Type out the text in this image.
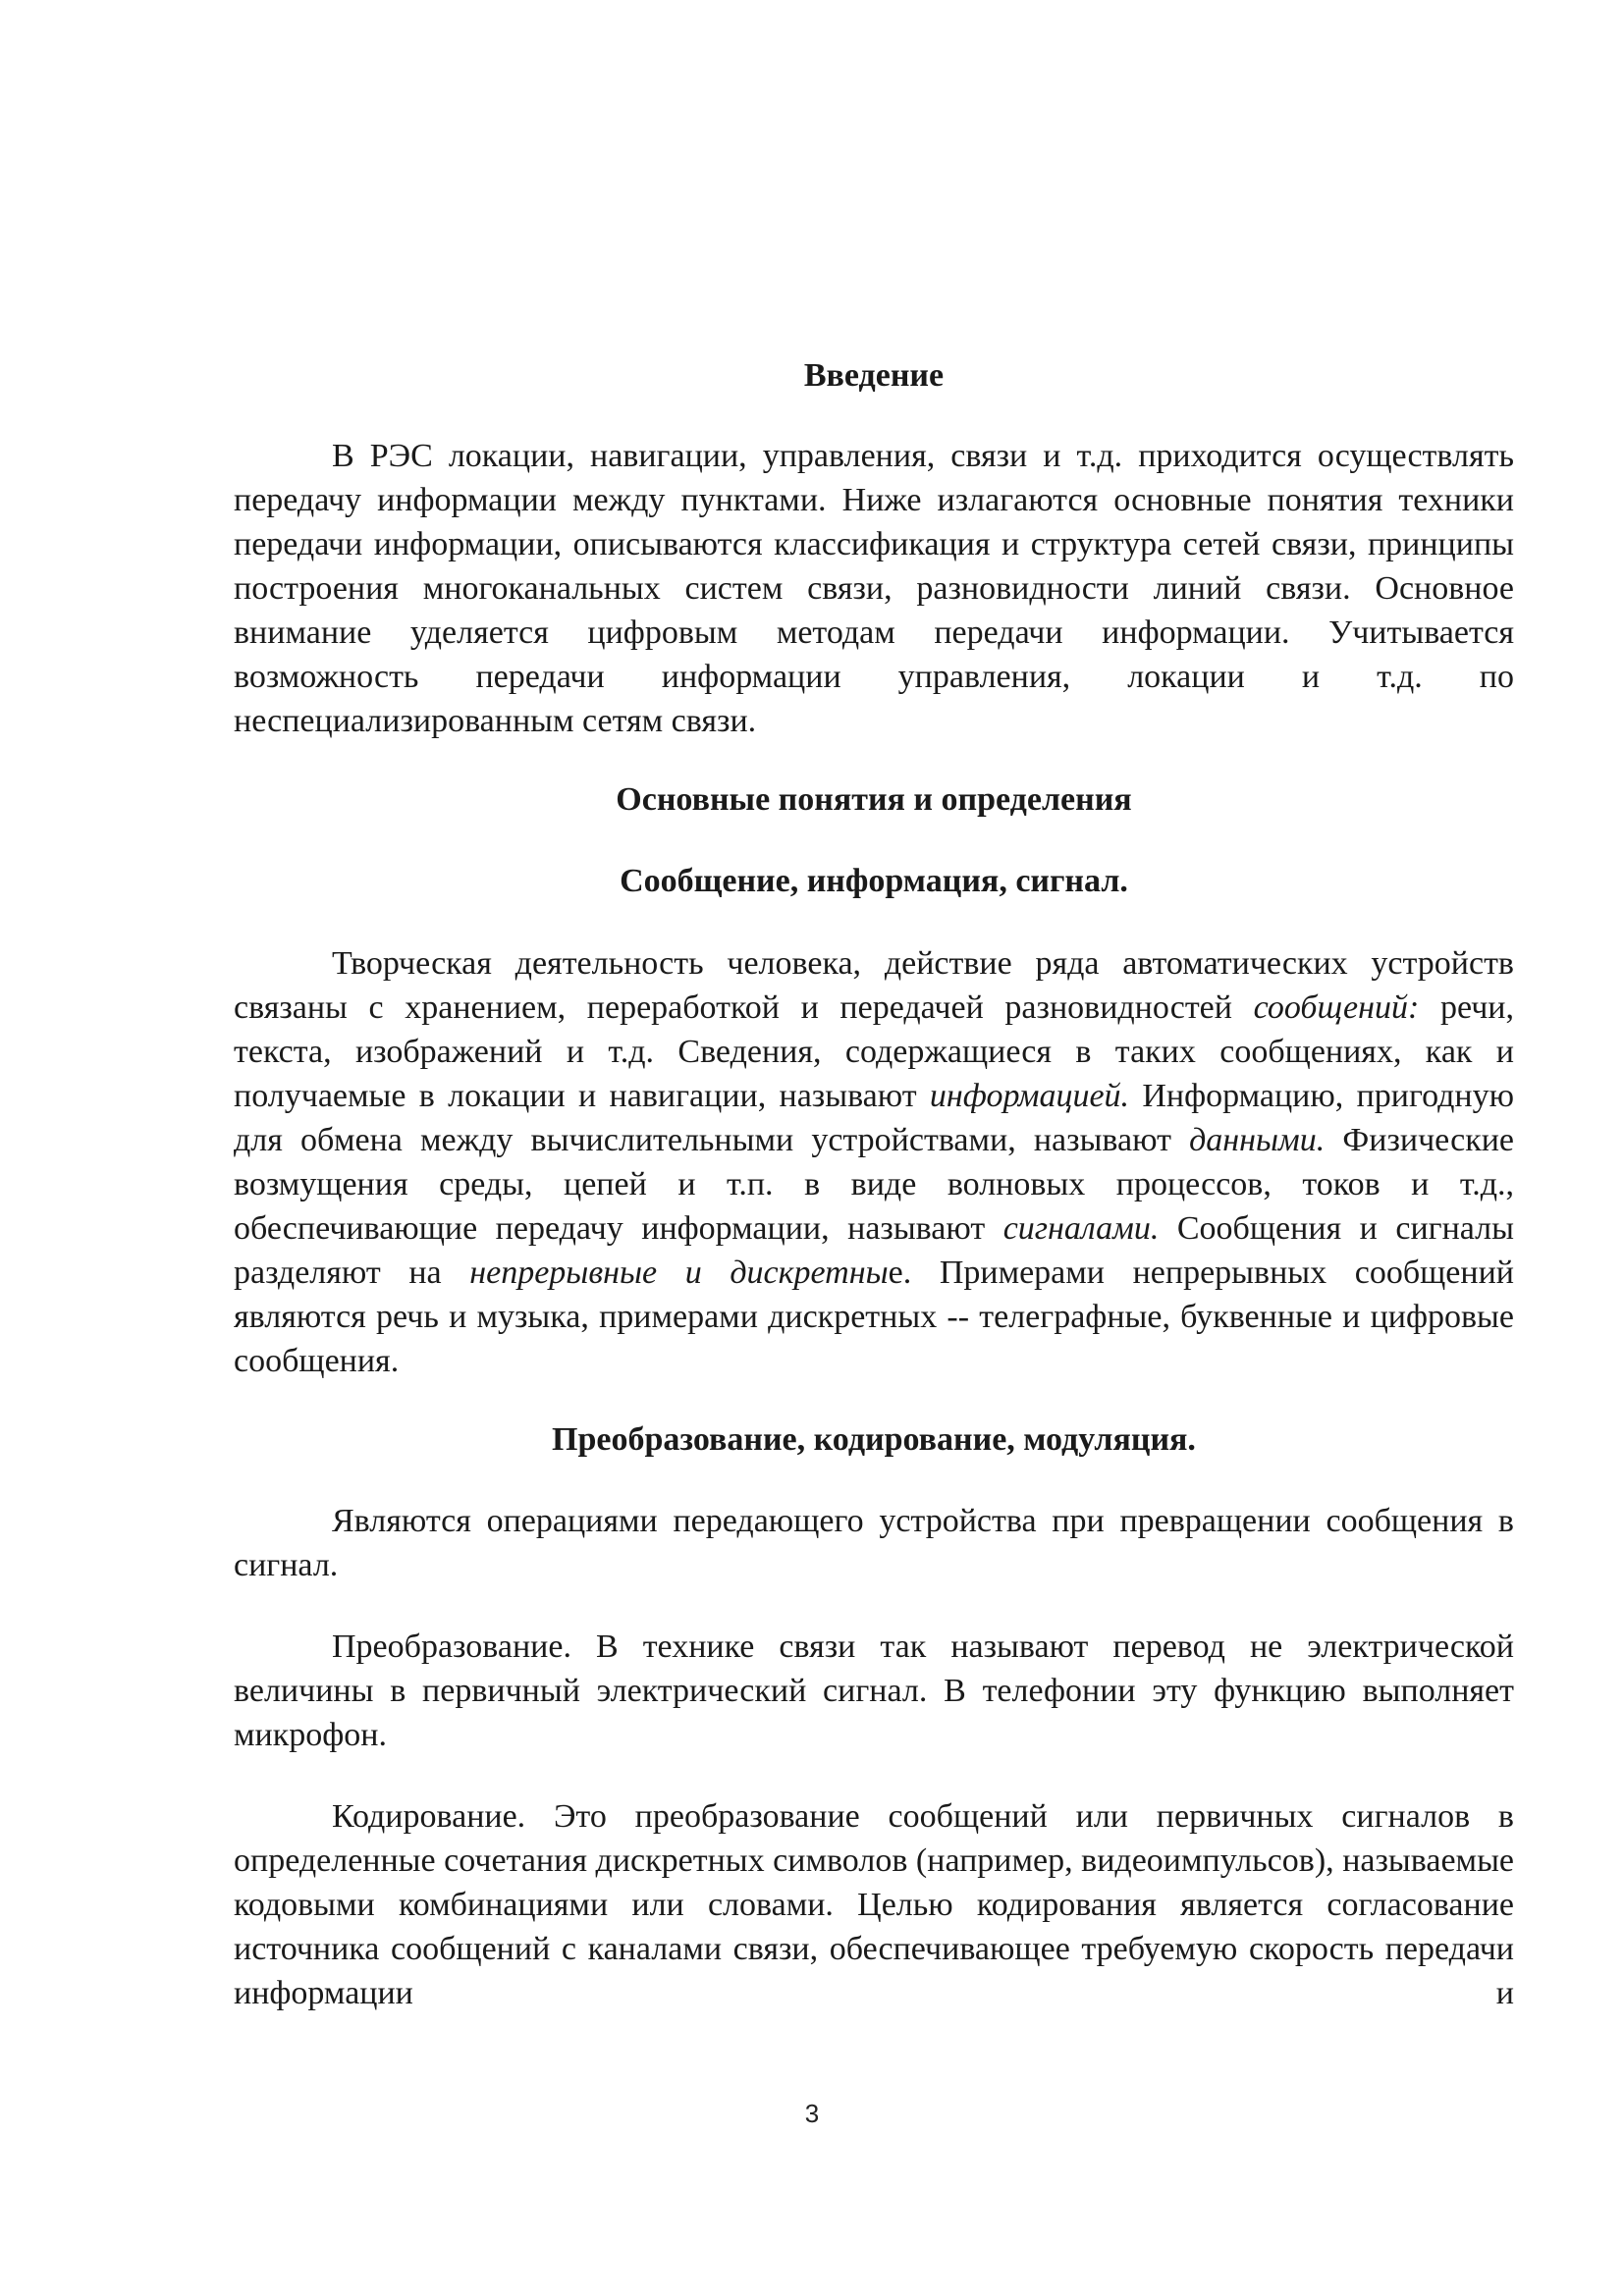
Введение

В РЭС локации, навигации, управления, связи и т.д. приходится осуществлять передачу информации между пунктами. Ниже излагаются основные понятия техники передачи информации, описываются классификация и структура сетей связи, принципы построения многоканальных систем связи, разновидности линий связи. Основное внимание уделяется цифровым методам передачи информации. Учитывается возможность передачи информации управления, локации и т.д. по неспециализированным сетям связи.

Основные понятия и определения

Сообщение, информация, сигнал.

Творческая деятельность человека, действие ряда автоматических устройств связаны с хранением, переработкой и передачей разновидностей сообщений: речи, текста, изображений и т.д. Сведения, содержащиеся в таких сообщениях, как и получаемые в локации и навигации, называют информацией. Информацию, пригодную для обмена между вычислительными устройствами, называют данными. Физические возмущения среды, цепей и т.п. в виде волновых процессов, токов и т.д., обеспечивающие передачу информации, называют сигналами. Сообщения и сигналы разделяют на непрерывные и дискретные. Примерами непрерывных сообщений являются речь и музыка, примерами дискретных -- телеграфные, буквенные и цифровые сообщения.

Преобразование, кодирование, модуляция.

Являются операциями передающего устройства при превращении сообщения в сигнал.

Преобразование. В технике связи так называют перевод не электрической величины в первичный электрический сигнал. В телефонии эту функцию выполняет микрофон.

Кодирование. Это преобразование сообщений или первичных сигналов в определенные сочетания дискретных символов (например, видеоимпульсов), называемые кодовыми комбинациями или словами. Целью кодирования является согласование источника сообщений с каналами связи, обеспечивающее требуемую скорость передачи информации и

3
